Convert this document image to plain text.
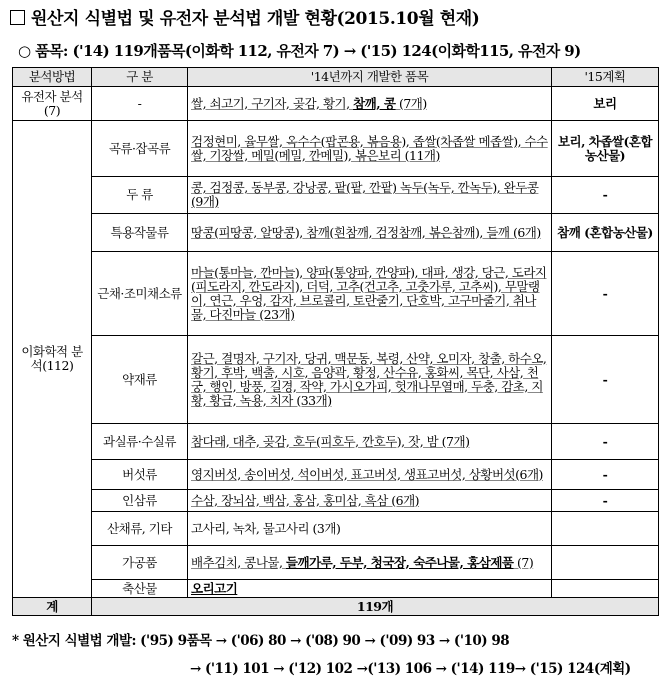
원산지 식별법 및 유전자 분석법 개발 현황(2015.10월 현재)
○ 품목: ('14) 119개품목(이화학 112, 유전자 7) → ('15) 124(이화학115, 유전자 9)
분석방법	구 분	'14년까지 개발한 품목	'15계획
유전자 분석(7)	-	쌀, 쇠고기, 구기자, 곶감, 황기, 참깨, 콩 (7개)	보리
이화학적 분석(112)	곡류·잡곡류	검정현미, 율무쌀, 옥수수(팝콘용, 볶음용), 좁쌀(차좁쌀 메좁쌀), 수수쌀, 기장쌀, 메밀(메밀, 깐메밀), 볶은보리 (11개)	보리, 차좁쌀(혼합농산물)
	두 류	콩, 검정콩, 동부콩, 강낭콩, 팥(팥, 깐팥) 녹두(녹두, 깐녹두), 완두콩 (9개)	-
	특용작물류	땅콩(피땅콩, 알땅콩), 참깨(흰참깨, 검정참깨, 볶은참깨), 들깨 (6개)	참깨 (혼합농산물)
	근채·조미채소류	마늘(통마늘, 깐마늘), 양파(통양파, 깐양파), 대파, 생강, 당근, 도라지(피도라지, 깐도라지), 더덕, 고추(건고추, 고춧가루, 고추씨), 무말랭이, 연근, 우엉, 감자, 브로콜리, 토란줄기, 단호박, 고구마줄기, 취나물, 다진마늘 (23개)	-
	약재류	갈근, 결명자, 구기자, 당귀, 맥문동, 복령, 산약, 오미자, 창출, 하수오, 황기, 후박, 백출, 시호, 음양곽, 황정, 산수유, 홍화씨, 목단, 사삼, 천궁, 행인, 방풍, 길경, 작약, 가시오가피, 헛개나무열매, 두충, 감초, 지황, 황금, 녹용, 치자 (33개)	-
	과실류·수실류	참다래, 대추, 곶감, 호두(피호두, 깐호두), 잣, 밤 (7개)	-
	버섯류	영지버섯, 송이버섯, 석이버섯, 표고버섯, 생표고버섯, 상황버섯(6개)	-
	인삼류	수삼, 장뇌삼, 백삼, 홍삼, 홍미삼, 흑삼 (6개)	-
	산채류, 기타	고사리, 녹차, 물고사리 (3개)	
	가공품	배추김치, 콩나물, 들깨가루, 두부, 청국장, 숙주나물, 홍삼제품 (7)	
	축산물	오리고기	
계	119개		
* 원산지 식별법 개발: ('95) 9품목 → ('06) 80 → ('08) 90 → ('09) 93 → ('10) 98
→ ('11) 101 → ('12) 102 →('13) 106 → ('14) 119→ ('15) 124(계획)
